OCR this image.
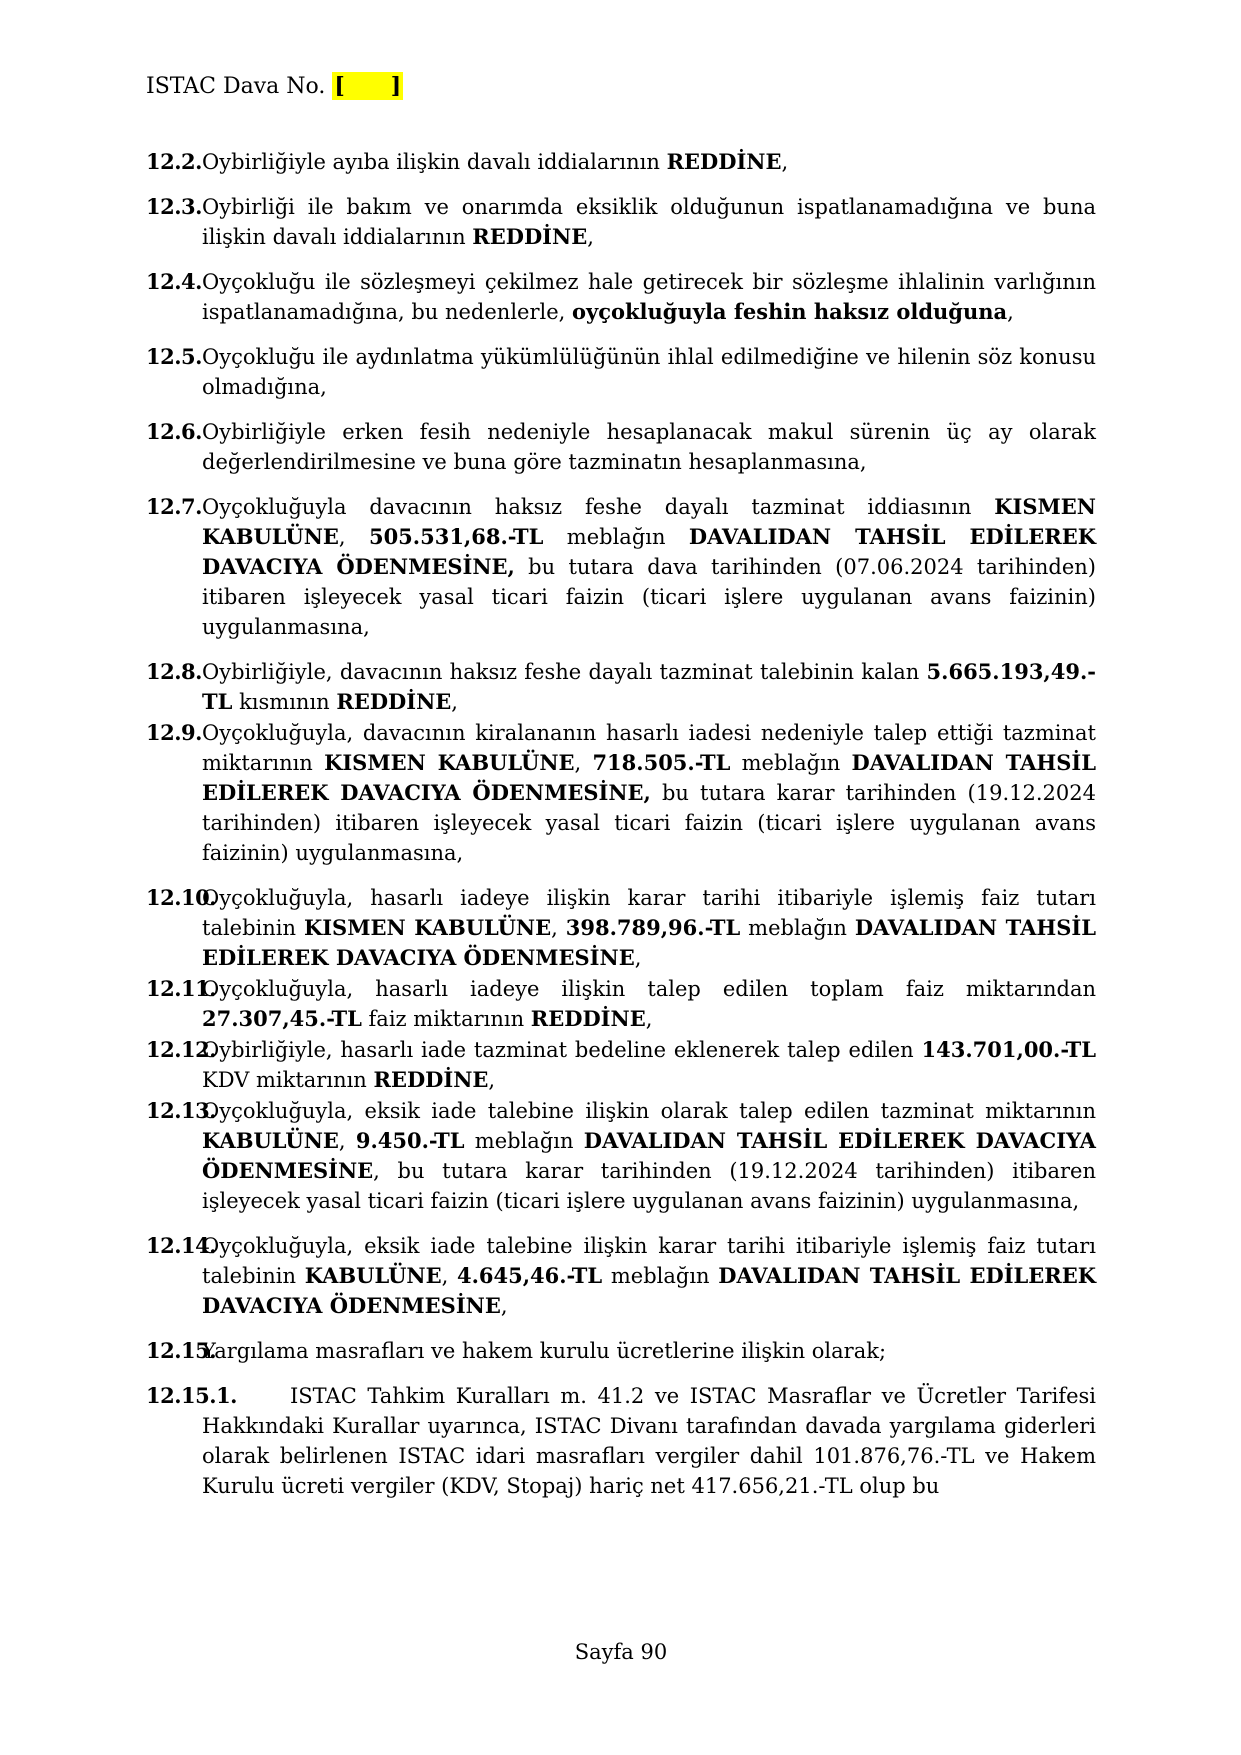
ISTAC Dava No. [      ]
12.2. Oybirliğiyle ayıba ilişkin davalı iddialarının REDDİNE,
12.3. Oybirliği ile bakım ve onarımda eksiklik olduğunun ispatlanamadığına ve buna ilişkin davalı iddialarının REDDİNE,
12.4. Oyçokluğu ile sözleşmeyi çekilmez hale getirecek bir sözleşme ihlalinin varlığının ispatlanamadığına, bu nedenlerle, oyçokluğuyla feshin haksız olduğuna,
12.5. Oyçokluğu ile aydınlatma yükümlülüğünün ihlal edilmediğine ve hilenin söz konusu olmadığına,
12.6. Oybirliğiyle erken fesih nedeniyle hesaplanacak makul sürenin üç ay olarak değerlendirilmesine ve buna göre tazminatın hesaplanmasına,
12.7. Oyçokluğuyla davacının haksız feshe dayalı tazminat iddiasının KISMEN KABULÜNE, 505.531,68.-TL meblağın DAVALIDAN TAHSİL EDİLEREK DAVACIYA ÖDENMESİNE, bu tutara dava tarihinden (07.06.2024 tarihinden) itibaren işleyecek yasal ticari faizin (ticari işlere uygulanan avans faizinin) uygulanmasına,
12.8. Oybirliğiyle, davacının haksız feshe dayalı tazminat talebinin kalan 5.665.193,49.-TL kısmının REDDİNE,
12.9. Oyçokluğuyla, davacının kiralananın hasarlı iadesi nedeniyle talep ettiği tazminat miktarının KISMEN KABULÜNE, 718.505.-TL meblağın DAVALIDAN TAHSİL EDİLEREK DAVACIYA ÖDENMESİNE, bu tutara karar tarihinden (19.12.2024 tarihinden) itibaren işleyecek yasal ticari faizin (ticari işlere uygulanan avans faizinin) uygulanmasına,
12.10.
Oyçokluğuyla, hasarlı iadeye ilişkin karar tarihi itibariyle işlemiş faiz tutarı talebinin KISMEN KABULÜNE, 398.789,96.-TL meblağın DAVALIDAN TAHSİL EDİLEREK DAVACIYA ÖDENMESİNE,
12.11.
Oyçokluğuyla, hasarlı iadeye ilişkin talep edilen toplam faiz miktarından 27.307,45.-TL faiz miktarının REDDİNE,
12.12.
Oybirliğiyle, hasarlı iade tazminat bedeline eklenerek talep edilen 143.701,00.-TL KDV miktarının REDDİNE,
12.13.
Oyçokluğuyla, eksik iade talebine ilişkin olarak talep edilen tazminat miktarının KABULÜNE, 9.450.-TL meblağın DAVALIDAN TAHSİL EDİLEREK DAVACIYA ÖDENMESİNE, bu tutara karar tarihinden (19.12.2024 tarihinden) itibaren işleyecek yasal ticari faizin (ticari işlere uygulanan avans faizinin) uygulanmasına,
12.14.
Oyçokluğuyla, eksik iade talebine ilişkin karar tarihi itibariyle işlemiş faiz tutarı talebinin KABULÜNE, 4.645,46.-TL meblağın DAVALIDAN TAHSİL EDİLEREK DAVACIYA ÖDENMESİNE,
12.15.
Yargılama masrafları ve hakem kurulu ücretlerine ilişkin olarak;
12.15.1.	ISTAC Tahkim Kuralları m. 41.2 ve ISTAC Masraflar ve Ücretler Tarifesi Hakkındaki Kurallar uyarınca, ISTAC Divanı tarafından davada yargılama giderleri olarak belirlenen ISTAC idari masrafları vergiler dahil 101.876,76.-TL ve Hakem Kurulu ücreti vergiler (KDV, Stopaj) hariç net 417.656,21.-TL olup bu
Sayfa 90
